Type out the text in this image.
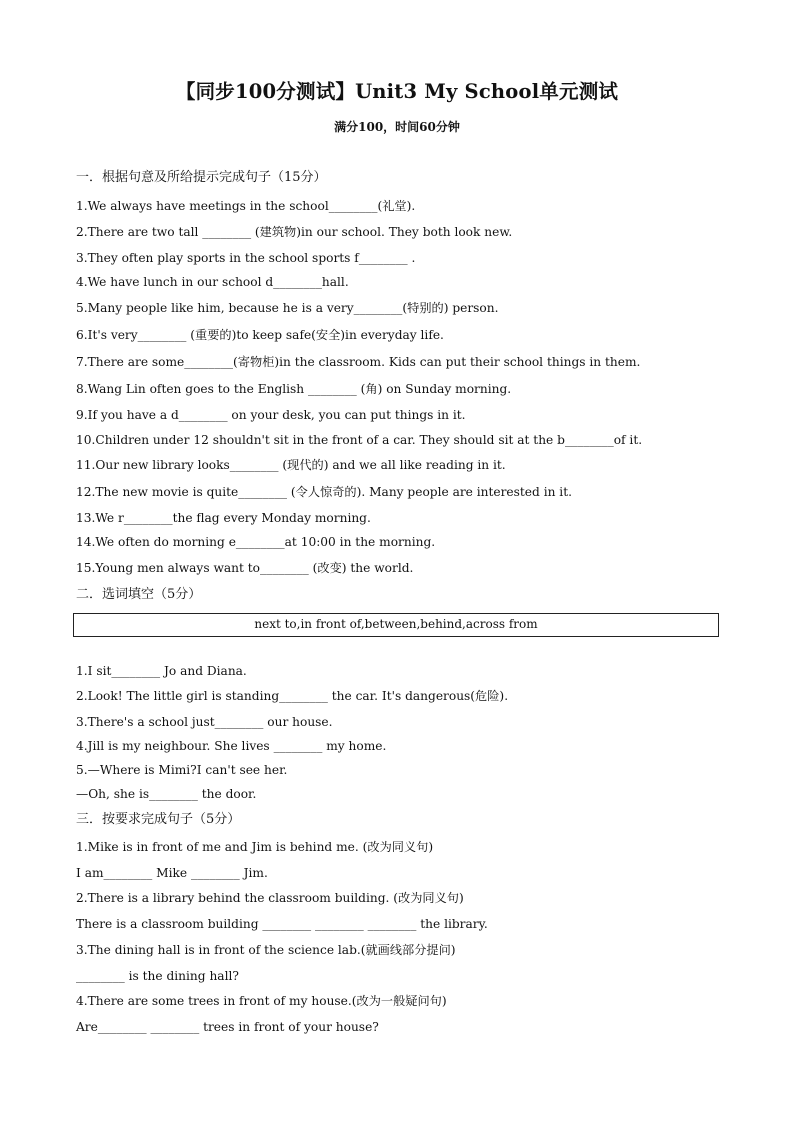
【同步100分测试】Unit3 My School单元测试
满分100，时间60分钟
一．根据句意及所给提示完成句子（15分）
1.We always have meetings in the school________(礼堂).
2.There are two tall ________ (建筑物)in our school. They both look new.
3.They often play sports in the school sports f________ .
4.We have lunch in our school d________hall.
5.Many people like him, because he is a very________(特别的) person.
6.It's very________ (重要的)to keep safe(安全)in everyday life.
7.There are some________(寄物柜)in the classroom. Kids can put their school things in them.
8.Wang Lin often goes to the English ________ (角) on Sunday morning.
9.If you have a d________ on your desk, you can put things in it.
10.Children under 12 shouldn't sit in the front of a car. They should sit at the b________of it.
11.Our new library looks________ (现代的) and we all like reading in it.
12.The new movie is quite________ (令人惊奇的). Many people are interested in it.
13.We r________the flag every Monday morning.
14.We often do morning e________at 10:00 in the morning.
15.Young men always want to________ (改变) the world.
二．选词填空（5分）
next to,in front of,between,behind,across from
1.I sit________ Jo and Diana.
2.Look! The little girl is standing________ the car. It's dangerous(危险).
3.There's a school just________ our house.
4.Jill is my neighbour. She lives ________ my home.
5.—Where is Mimi?I can't see her.
—Oh, she is________ the door.
三．按要求完成句子（5分）
1.Mike is in front of me and Jim is behind me. (改为同义句)
I am________ Mike ________ Jim.
2.There is a library behind the classroom building. (改为同义句)
There is a classroom building ________ ________ ________ the library.
3.The dining hall is in front of the science lab.(就画线部分提问)
________ is the dining hall?
4.There are some trees in front of my house.(改为一般疑问句)
Are________ ________ trees in front of your house?
